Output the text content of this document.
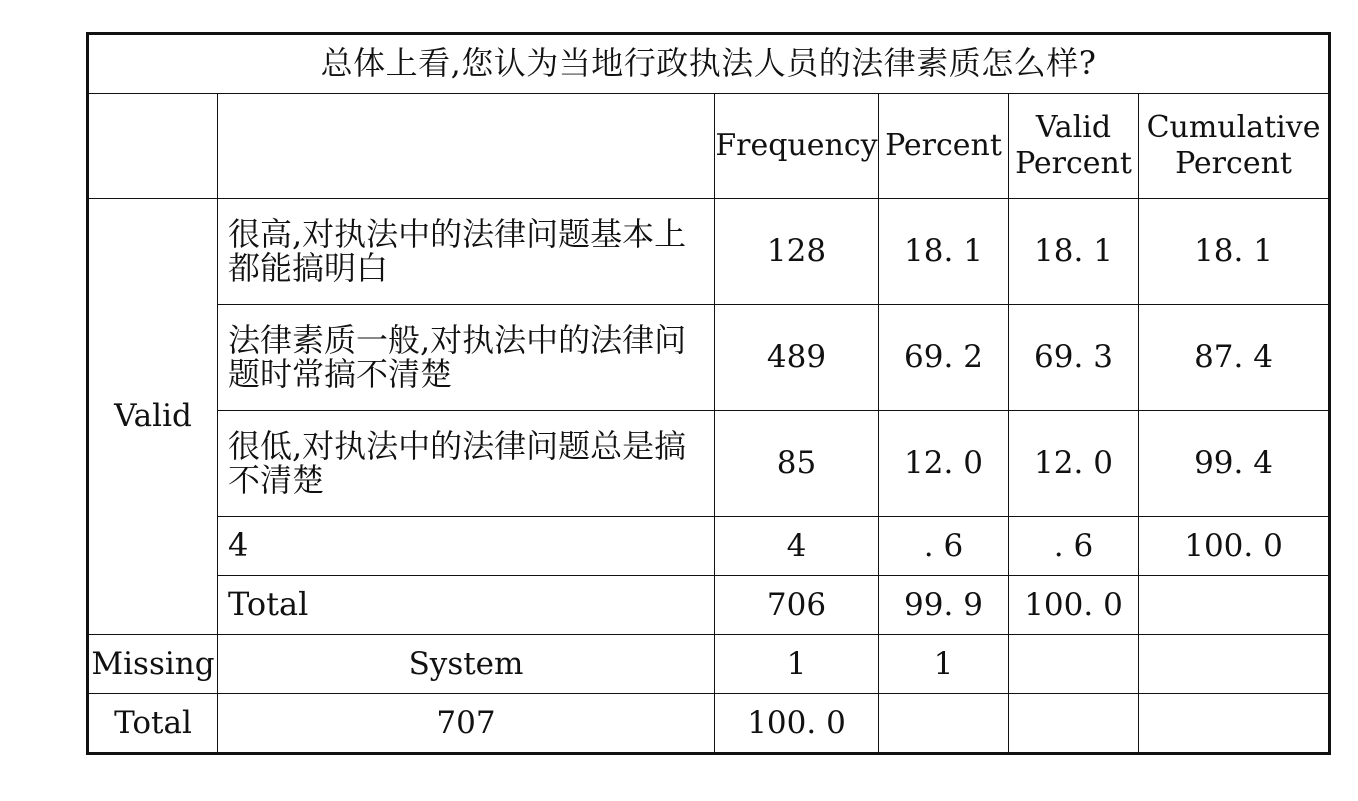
总体上看,您认为当地行政执法人员的法律素质怎么样?					
		Frequency	Percent	Valid Percent	Cumulative Percent
Valid	很高,对执法中的法律问题基本上都能搞明白	128	18. 1	18. 1	18. 1
	法律素质一般,对执法中的法律问题时常搞不清楚	489	69. 2	69. 3	87. 4
	很低,对执法中的法律问题总是搞不清楚	85	12. 0	12. 0	99. 4
	4	4	. 6	. 6	100. 0
	Total	706	99. 9	100. 0	
Missing	System	1	1		
Total	707	100. 0			
